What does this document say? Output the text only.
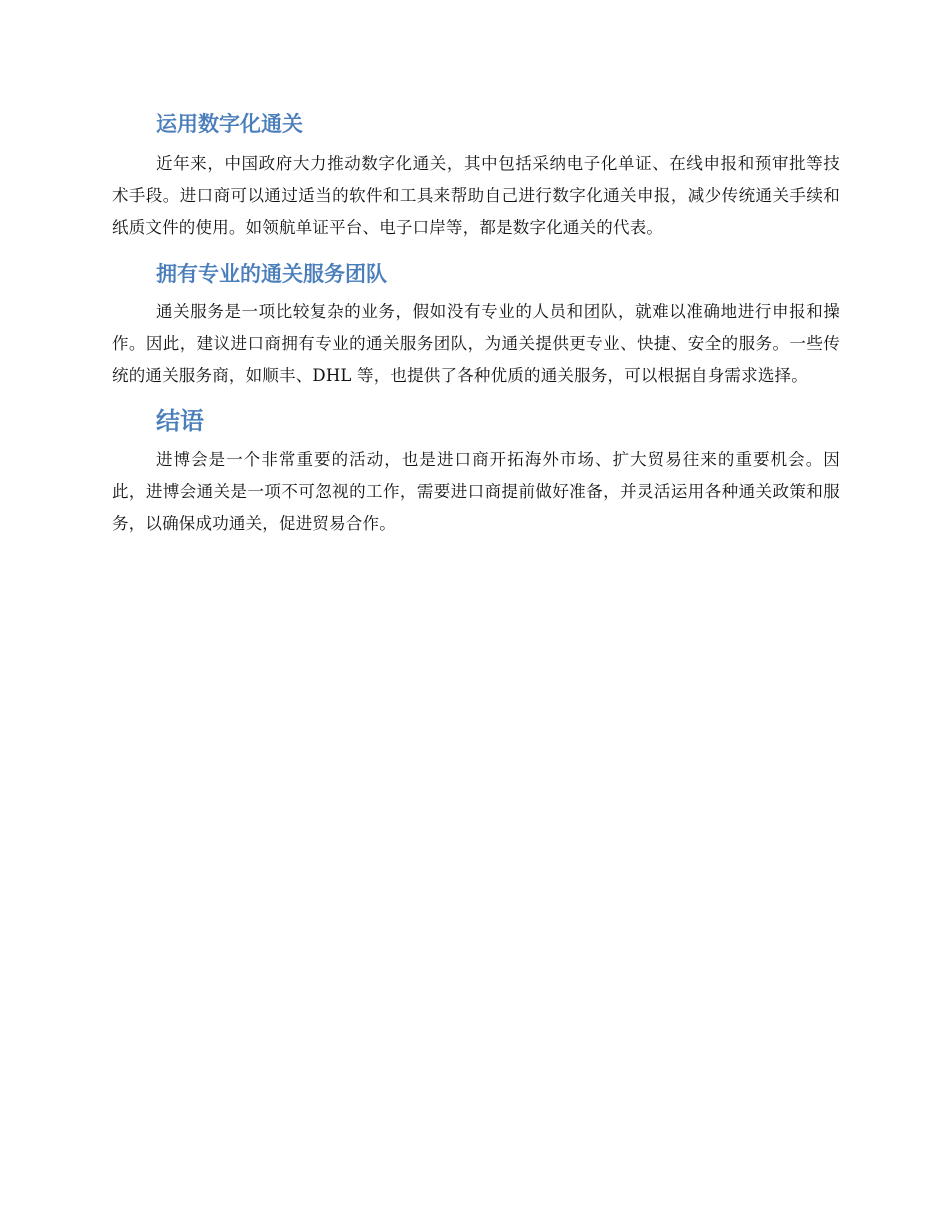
运用数字化通关

近年来，中国政府大力推动数字化通关，其中包括采纳电子化单证、在线申报和预审批等技术手段。进口商可以通过适当的软件和工具来帮助自己进行数字化通关申报，减少传统通关手续和纸质文件的使用。如领航单证平台、电子口岸等，都是数字化通关的代表。

拥有专业的通关服务团队

通关服务是一项比较复杂的业务，假如没有专业的人员和团队，就难以准确地进行申报和操作。因此，建议进口商拥有专业的通关服务团队，为通关提供更专业、快捷、安全的服务。一些传统的通关服务商，如顺丰、DHL 等，也提供了各种优质的通关服务，可以根据自身需求选择。

结语

进博会是一个非常重要的活动，也是进口商开拓海外市场、扩大贸易往来的重要机会。因此，进博会通关是一项不可忽视的工作，需要进口商提前做好准备，并灵活运用各种通关政策和服务，以确保成功通关，促进贸易合作。
